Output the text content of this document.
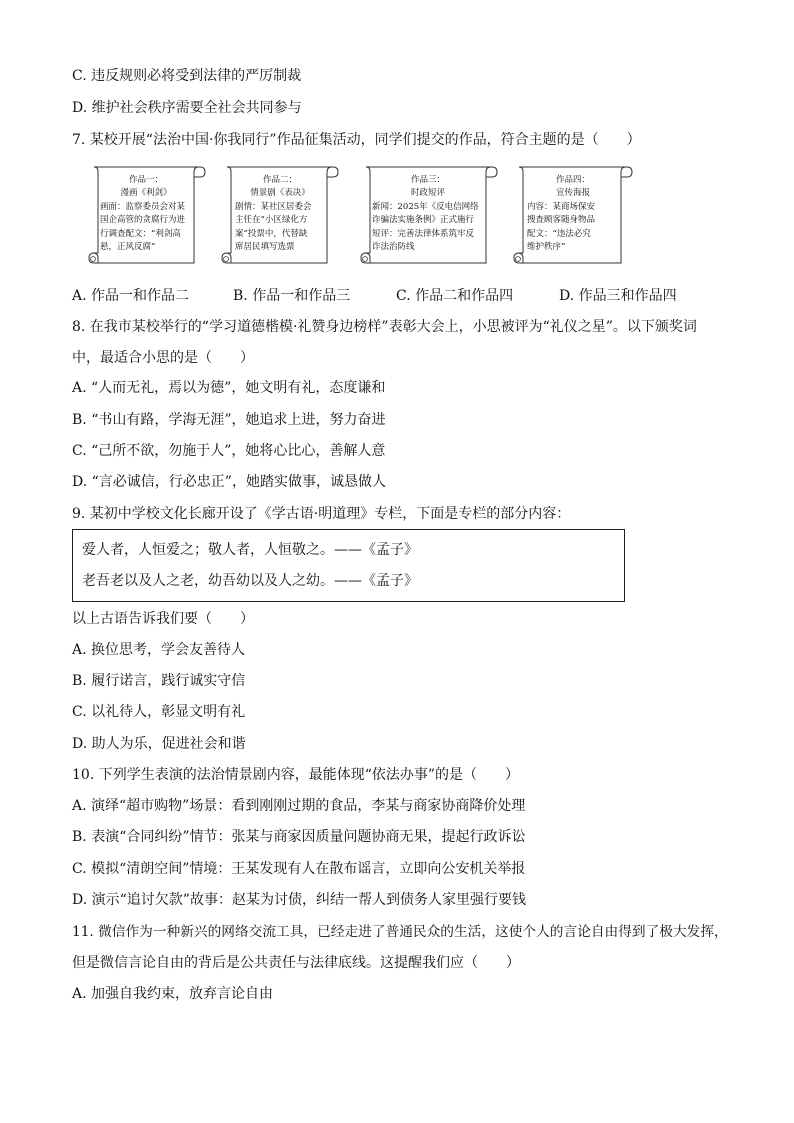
C. 违反规则必将受到法律的严厉制裁
D. 维护社会秩序需要全社会共同参与
7. 某校开展“法治中国·你我同行”作品征集活动，同学们提交的作品，符合主题的是（　　）
作品一：
漫画《利剑》
画面：监察委员会对某
国企高管的贪腐行为进
行调查配文：“利剑高
悬，正风反腐”
作品二：
情景剧《表决》
剧情：某社区居委会
主任在“小区绿化方
案”投票中，代替缺
席居民填写选票
作品三：
时政短评
新闻：2025年《反电信网络
诈骗法实施条例》正式施行
短评：完善法律体系筑牢反
诈法治防线
作品四：
宣传海报
内容：某商场保安
搜查顾客随身物品
配文：“违法必究
维护秩序”
A. 作品一和作品二	B. 作品一和作品三	C. 作品二和作品四	D. 作品三和作品四
8. 在我市某校举行的“学习道德楷模·礼赞身边榜样”表彰大会上，小思被评为“礼仪之星”。以下颁奖词
中，最适合小思的是（　　）
A. “人而无礼，焉以为德”，她文明有礼，态度谦和
B. “书山有路，学海无涯”，她追求上进，努力奋进
C. “己所不欲，勿施于人”，她将心比心，善解人意
D. “言必诚信，行必忠正”，她踏实做事，诚恳做人
9. 某初中学校文化长廊开设了《学古语·明道理》专栏，下面是专栏的部分内容：
爱人者，人恒爱之；敬人者，人恒敬之。——《孟子》
老吾老以及人之老，幼吾幼以及人之幼。——《孟子》
以上古语告诉我们要（　　）
A. 换位思考，学会友善待人
B. 履行诺言，践行诚实守信
C. 以礼待人，彰显文明有礼
D. 助人为乐，促进社会和谐
10. 下列学生表演的法治情景剧内容，最能体现“依法办事”的是（　　）
A. 演绎“超市购物”场景：看到刚刚过期的食品，李某与商家协商降价处理
B. 表演“合同纠纷”情节：张某与商家因质量问题协商无果，提起行政诉讼
C. 模拟“清朗空间”情境：王某发现有人在散布谣言，立即向公安机关举报
D. 演示“追讨欠款”故事：赵某为讨债，纠结一帮人到债务人家里强行要钱
11. 微信作为一种新兴的网络交流工具，已经走进了普通民众的生活，这使个人的言论自由得到了极大发挥，
但是微信言论自由的背后是公共责任与法律底线。这提醒我们应（　　）
A. 加强自我约束，放弃言论自由
